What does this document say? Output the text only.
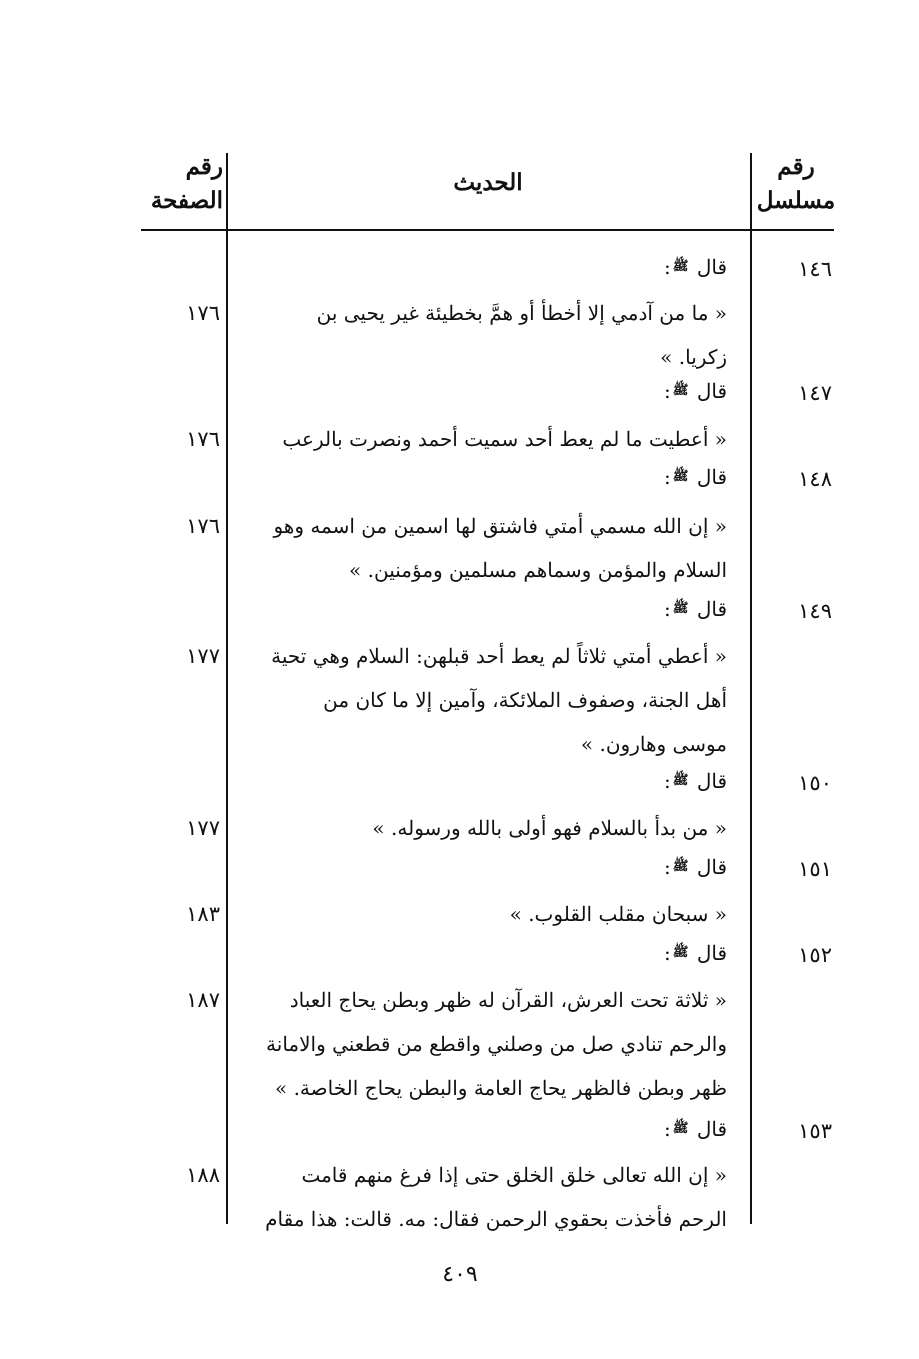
رقم
مسلسل
الحديث
رقم
الصفحة
١٤٦
قال ﷺ:
« ما من آدمي إلا أخطأ أو همَّ بخطيئة غير يحيى بن
زكريا. »
١٧٦
١٤٧
قال ﷺ:
« أعطيت ما لم يعط أحد سميت أحمد ونصرت بالرعب
١٧٦
١٤٨
قال ﷺ:
« إن الله مسمي أمتي فاشتق لها اسمين من اسمه وهو
السلام والمؤمن وسماهم مسلمين ومؤمنين. »
١٧٦
١٤٩
قال ﷺ:
« أعطي أمتي ثلاثاً لم يعط أحد قبلهن: السلام وهي تحية
أهل الجنة، وصفوف الملائكة، وآمين إلا ما كان من
موسى وهارون. »
١٧٧
١٥٠
قال ﷺ:
« من بدأ بالسلام فهو أولى بالله ورسوله. »
١٧٧
١٥١
قال ﷺ:
« سبحان مقلب القلوب. »
١٨٣
١٥٢
قال ﷺ:
« ثلاثة تحت العرش، القرآن له ظهر وبطن يحاج العباد
والرحم تنادي صل من وصلني واقطع من قطعني والامانة
ظهر وبطن فالظهر يحاج العامة والبطن يحاج الخاصة. »
١٨٧
١٥٣
قال ﷺ:
« إن الله تعالى خلق الخلق حتى إذا فرغ منهم قامت
الرحم فأخذت بحقوي الرحمن فقال: مه. قالت: هذا مقام
١٨٨
٤٠٩
